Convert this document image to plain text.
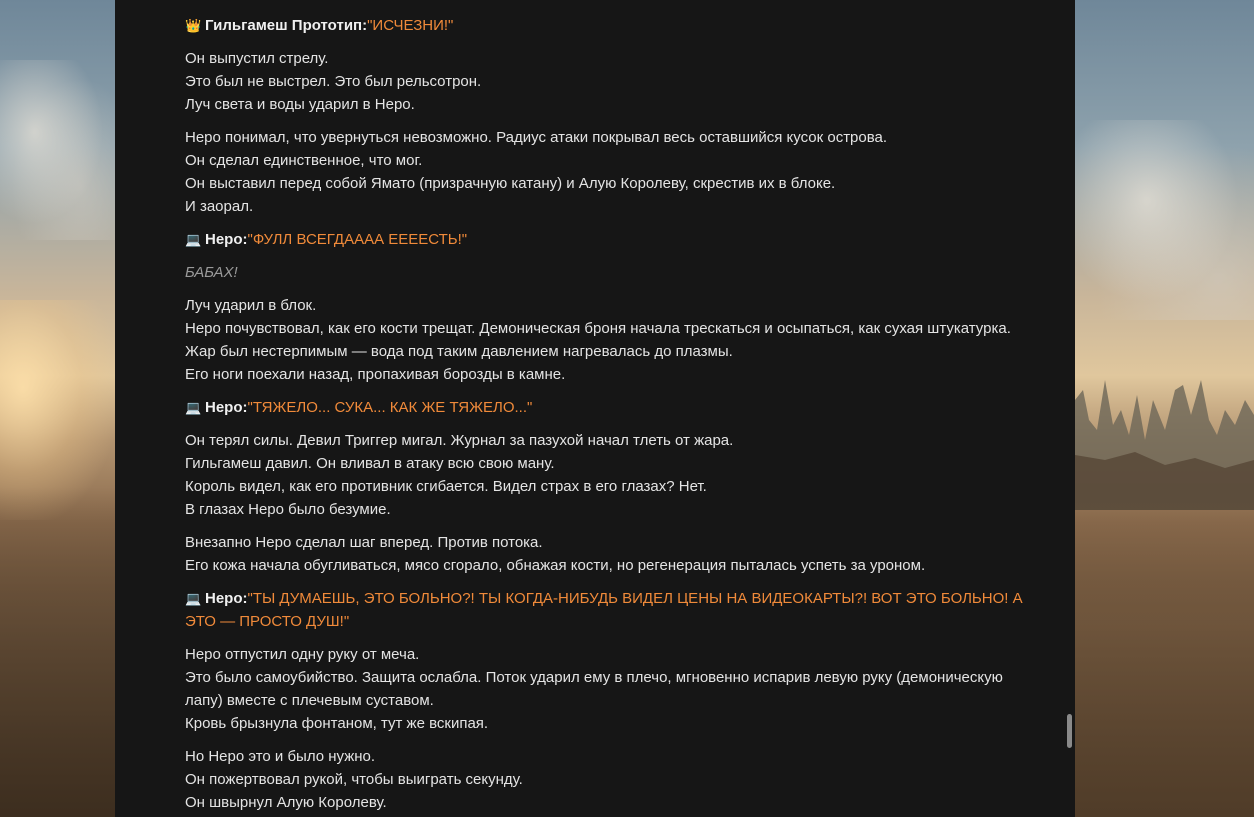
👑 Гильгамеш Прототип:"ИСЧЕЗНИ!"

Он выпустил стрелу.
Это был не выстрел. Это был рельсотрон.
Луч света и воды ударил в Неро.

Неро понимал, что увернуться невозможно. Радиус атаки покрывал весь оставшийся кусок острова.
Он сделал единственное, что мог.
Он выставил перед собой Ямато (призрачную катану) и Алую Королеву, скрестив их в блоке.
И заорал.

💻 Неро:"ФУЛЛ ВСЕГДАААА ЕЕЕЕСТЬ!"

БАБАХ!

Луч ударил в блок.
Неро почувствовал, как его кости трещат. Демоническая броня начала трескаться и осыпаться, как сухая штукатурка. Жар был нестерпимым — вода под таким давлением нагревалась до плазмы.
Его ноги поехали назад, пропахивая борозды в камне.

💻 Неро:"ТЯЖЕЛО... СУКА... КАК ЖЕ ТЯЖЕЛО..."

Он терял силы. Девил Триггер мигал. Журнал за пазухой начал тлеть от жара.
Гильгамеш давил. Он вливал в атаку всю свою ману.
Король видел, как его противник сгибается. Видел страх в его глазах? Нет.
В глазах Неро было безумие.

Внезапно Неро сделал шаг вперед. Против потока.
Его кожа начала обугливаться, мясо сгорало, обнажая кости, но регенерация пыталась успеть за уроном.

💻 Неро:"ТЫ ДУМАЕШЬ, ЭТО БОЛЬНО?! ТЫ КОГДА-НИБУДЬ ВИДЕЛ ЦЕНЫ НА ВИДЕОКАРТЫ?! ВОТ ЭТО БОЛЬНО! А ЭТО — ПРОСТО ДУШ!"

Неро отпустил одну руку от меча.
Это было самоубийство. Защита ослабла. Поток ударил ему в плечо, мгновенно испарив левую руку (демоническую лапу) вместе с плечевым суставом.
Кровь брызнула фонтаном, тут же вскипая.

Но Неро это и было нужно.
Он пожертвовал рукой, чтобы выиграть секунду.
Он швырнул Алую Королеву.
